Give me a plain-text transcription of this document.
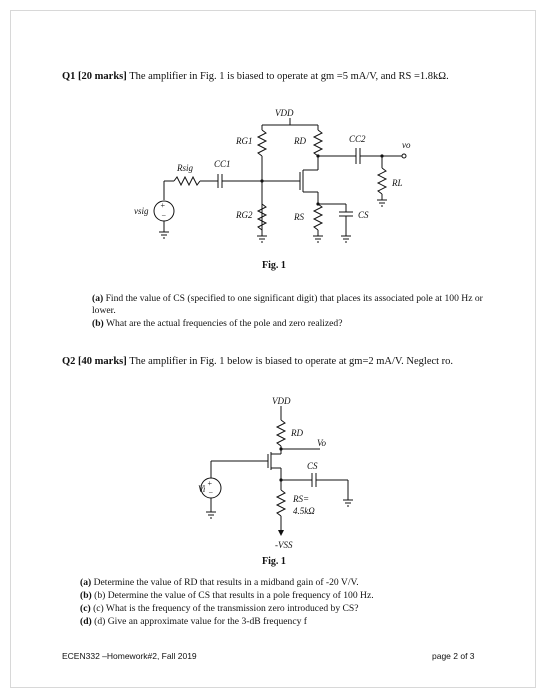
Q1 [20 marks] The amplifier in Fig. 1 is biased to operate at gm =5 mA/V, and RS =1.8kΩ.
+
−
VDD
RG1	RD	CC2
vo
Rsig CC1
RL
vsig	RG2	RS	CS
Fig. 1
(a) Find the value of CS (specified to one significant digit) that places its associated pole at 100 Hz or lower.
(b) What are the actual frequencies of the pole and zero realized?
Q2 [40 marks] The amplifier in Fig. 1 below is biased to operate at gm=2 mA/V. Neglect ro.
+
−
VDD
RD
Vo
CS
Vi
RS=
4.5kΩ
-VSS
Fig. 1
(a) Determine the value of RD that results in a midband gain of -20 V/V.
(b) (b) Determine the value of CS that results in a pole frequency of 100 Hz.
(c) (c) What is the frequency of the transmission zero introduced by CS?
(d) (d) Give an approximate value for the 3-dB frequency f
ECEN332 –Homework#2, Fall 2019	page 2 of 3
